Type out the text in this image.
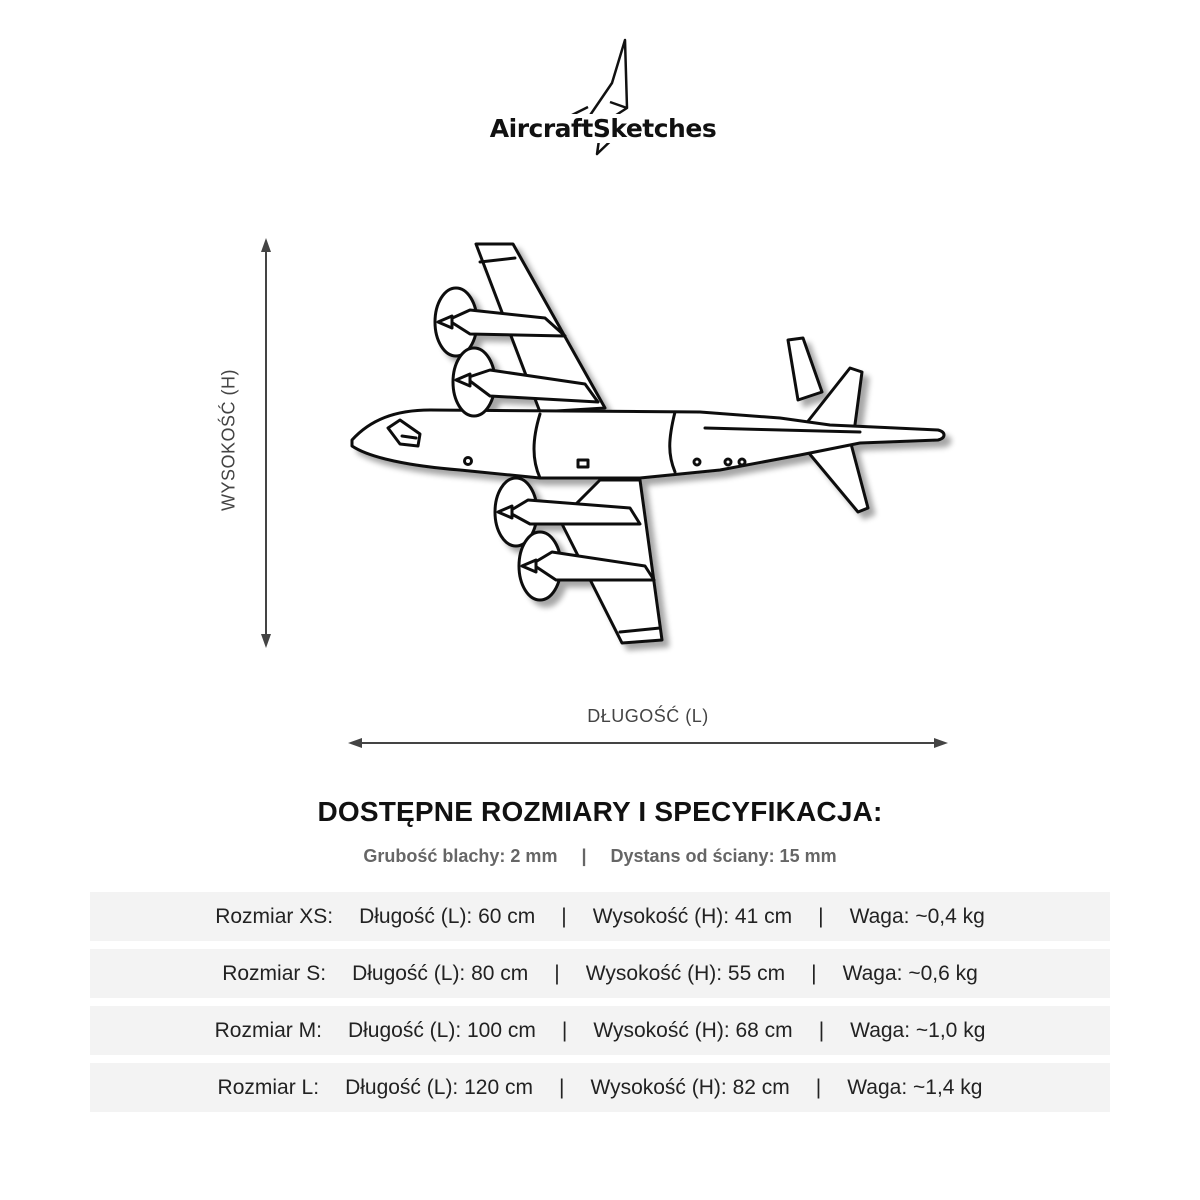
AircraftSketches
WYSOKOŚĆ (H)
DŁUGOŚĆ (L)
DOSTĘPNE ROZMIARY I SPECYFIKACJA:
Grubość blachy: 2 mm | Dystans od ściany: 15 mm
Rozmiar XS: Długość (L): 60 cm | Wysokość (H): 41 cm | Waga: ~0,4 kg
Rozmiar S: Długość (L): 80 cm | Wysokość (H): 55 cm | Waga: ~0,6 kg
Rozmiar M: Długość (L): 100 cm | Wysokość (H): 68 cm | Waga: ~1,0 kg
Rozmiar L: Długość (L): 120 cm | Wysokość (H): 82 cm | Waga: ~1,4 kg
